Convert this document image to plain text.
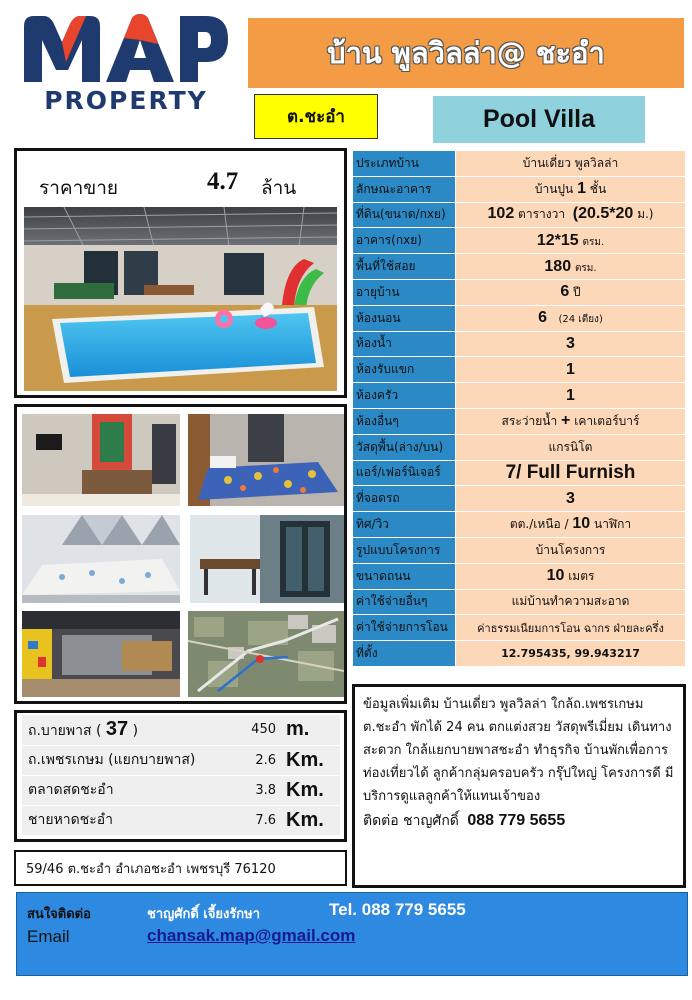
PROPERTY
บ้าน พูลวิลล่า@ ชะอำ
ต.ชะอำ	Pool Villa
ราคาขาย	4.7 ล้าน
ประเภทบ้าน	บ้านเดี่ยว พูลวิลล่า
ลักษณะอาคาร	บ้านปูน 1 ชั้น
ที่ดิน(ขนาด/กxย)	102 ตารางวา (20.5*20 ม.)
อาคาร(กxย)	12*15 ตรม.
พื้นที่ใช้สอย	180 ตรม.
อายุบ้าน	6 ปี
ห้องนอน	6 (24 เตียง)
ห้องน้ำ	3
ห้องรับแขก	1
ห้องครัว	1
ห้องอื่นๆ	สระว่ายน้ำ + เคาเตอร์บาร์
วัสดุพื้น(ล่าง/บน)	แกรนิโต
แอร์/เฟอร์นิเจอร์	7/ Full Furnish
ที่จอดรถ	3
ทิศ/วิว	ตต./เหนือ / 10 นาฬิกา
รูปแบบโครงการ	บ้านโครงการ
ขนาดถนน	10 เมตร
ค่าใช้จ่ายอื่นๆ	แม่บ้านทำความสะอาด
ค่าใช้จ่ายการโอน	ค่าธรรมเนียมการโอน ฉากร ฝ่ายละครึ่ง
ที่ตั้ง	12.795435, 99.943217
ถ.บายพาส ( 37 )	450	m.
ถ.เพชรเกษม (แยกบายพาส)	2.6	Km.
ตลาดสดชะอำ	3.8	Km.
ชายหาดชะอำ	7.6	Km.
59/46 ต.ชะอำ อำเภอชะอำ เพชรบุรี 76120
ข้อมูลเพิ่มเติม บ้านเดี่ยว พูลวิลล่า ใกล้ถ.เพชรเกษม ต.ชะอำ พักได้ 24 คน ตกแต่งสวย วัสดุพรีเมี่ยม เดินทางสะดวก ใกล้แยกบายพาสชะอำ ทำธุรกิจ บ้านพักเพื่อการท่องเที่ยวได้ ลูกค้ากลุ่มครอบครัว กรุ๊ปใหญ่ โครงการดี มีบริการดูแลลูกค้าให้แทนเจ้าของ
ติดต่อ ชาญศักดิ์ 088 779 5655
สนใจติดต่อ	ชาญศักดิ์ เจี้ยงรักษา	Tel. 088 779 5655
Email	chansak.map@gmail.com
